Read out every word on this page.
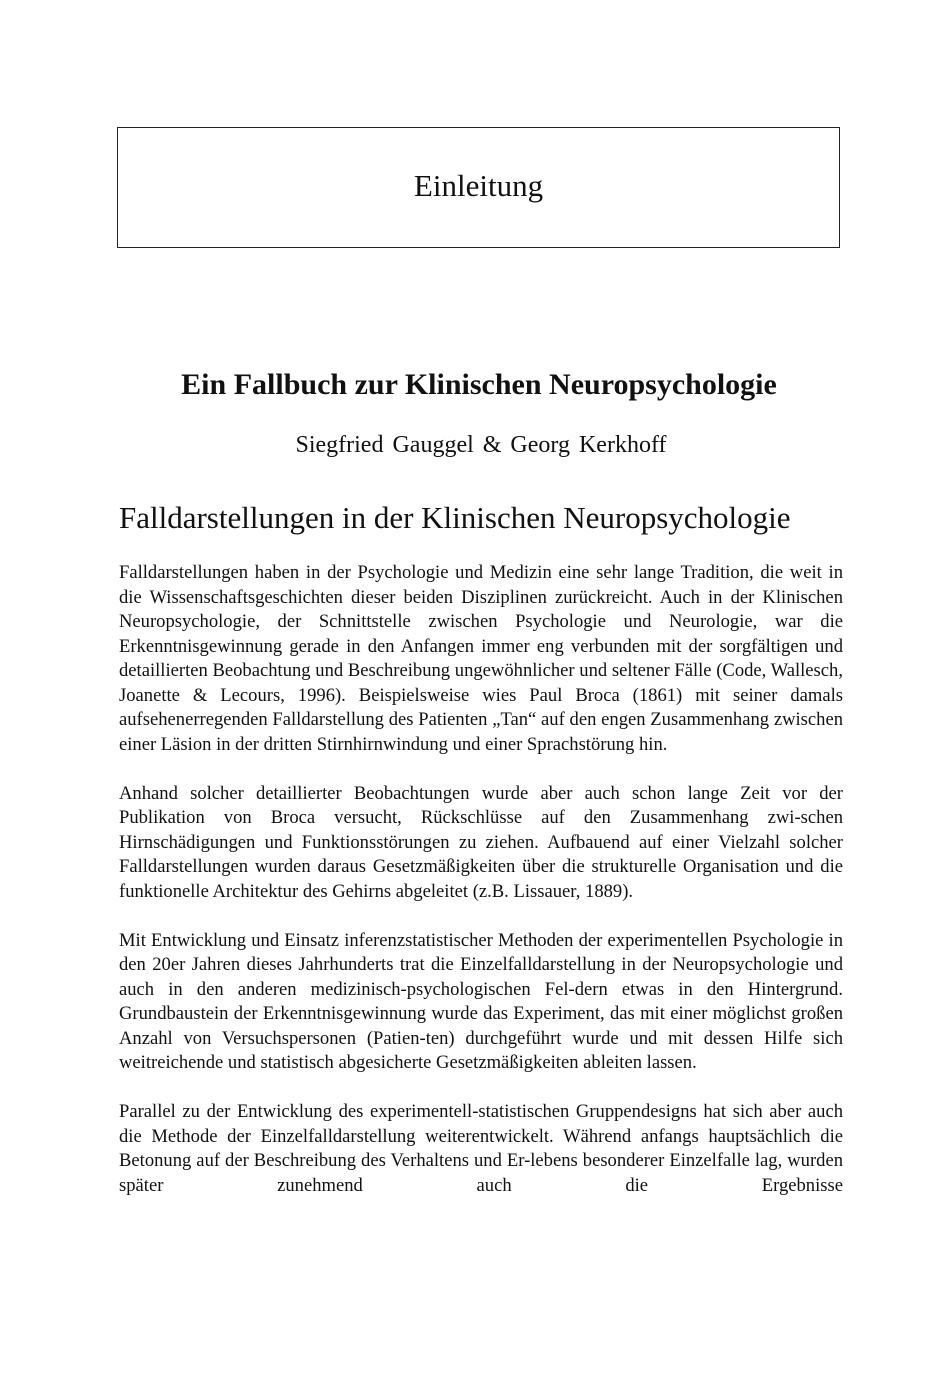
Einleitung
Ein Fallbuch zur Klinischen Neuropsychologie

Siegfried Gauggel & Georg Kerkhoff

Falldarstellungen in der Klinischen Neuropsychologie

Falldarstellungen haben in der Psychologie und Medizin eine sehr lange Tradition, die weit in die Wissenschaftsgeschichten dieser beiden Disziplinen zurückreicht. Auch in der Klinischen Neuropsychologie, der Schnittstelle zwischen Psychologie und Neurologie, war die Erkenntnisgewinnung gerade in den Anfangen immer eng verbunden mit der sorgfältigen und detaillierten Beobachtung und Beschreibung ungewöhnlicher und seltener Fälle (Code, Wallesch, Joanette & Lecours, 1996). Beispielsweise wies Paul Broca (1861) mit seiner damals aufsehenerregenden Falldarstellung des Patienten „Tan“ auf den engen Zusammenhang zwischen einer Läsion in der dritten Stirnhirnwindung und einer Sprachstörung hin.

Anhand solcher detaillierter Beobachtungen wurde aber auch schon lange Zeit vor der Publikation von Broca versucht, Rückschlüsse auf den Zusammenhang zwi-schen Hirnschädigungen und Funktionsstörungen zu ziehen. Aufbauend auf einer Vielzahl solcher Falldarstellungen wurden daraus Gesetzmäßigkeiten über die strukturelle Organisation und die funktionelle Architektur des Gehirns abgeleitet (z.B. Lissauer, 1889).

Mit Entwicklung und Einsatz inferenzstatistischer Methoden der experimentellen Psychologie in den 20er Jahren dieses Jahrhunderts trat die Einzelfalldarstellung in der Neuropsychologie und auch in den anderen medizinisch-psychologischen Fel-dern etwas in den Hintergrund. Grundbaustein der Erkenntnisgewinnung wurde das Experiment, das mit einer möglichst großen Anzahl von Versuchspersonen (Patien-ten) durchgeführt wurde und mit dessen Hilfe sich weitreichende und statistisch abgesicherte Gesetzmäßigkeiten ableiten lassen.

Parallel zu der Entwicklung des experimentell-statistischen Gruppendesigns hat sich aber auch die Methode der Einzelfalldarstellung weiterentwickelt. Während anfangs hauptsächlich die Betonung auf der Beschreibung des Verhaltens und Er-lebens besonderer Einzelfalle lag, wurden später zunehmend auch die Ergebnisse
